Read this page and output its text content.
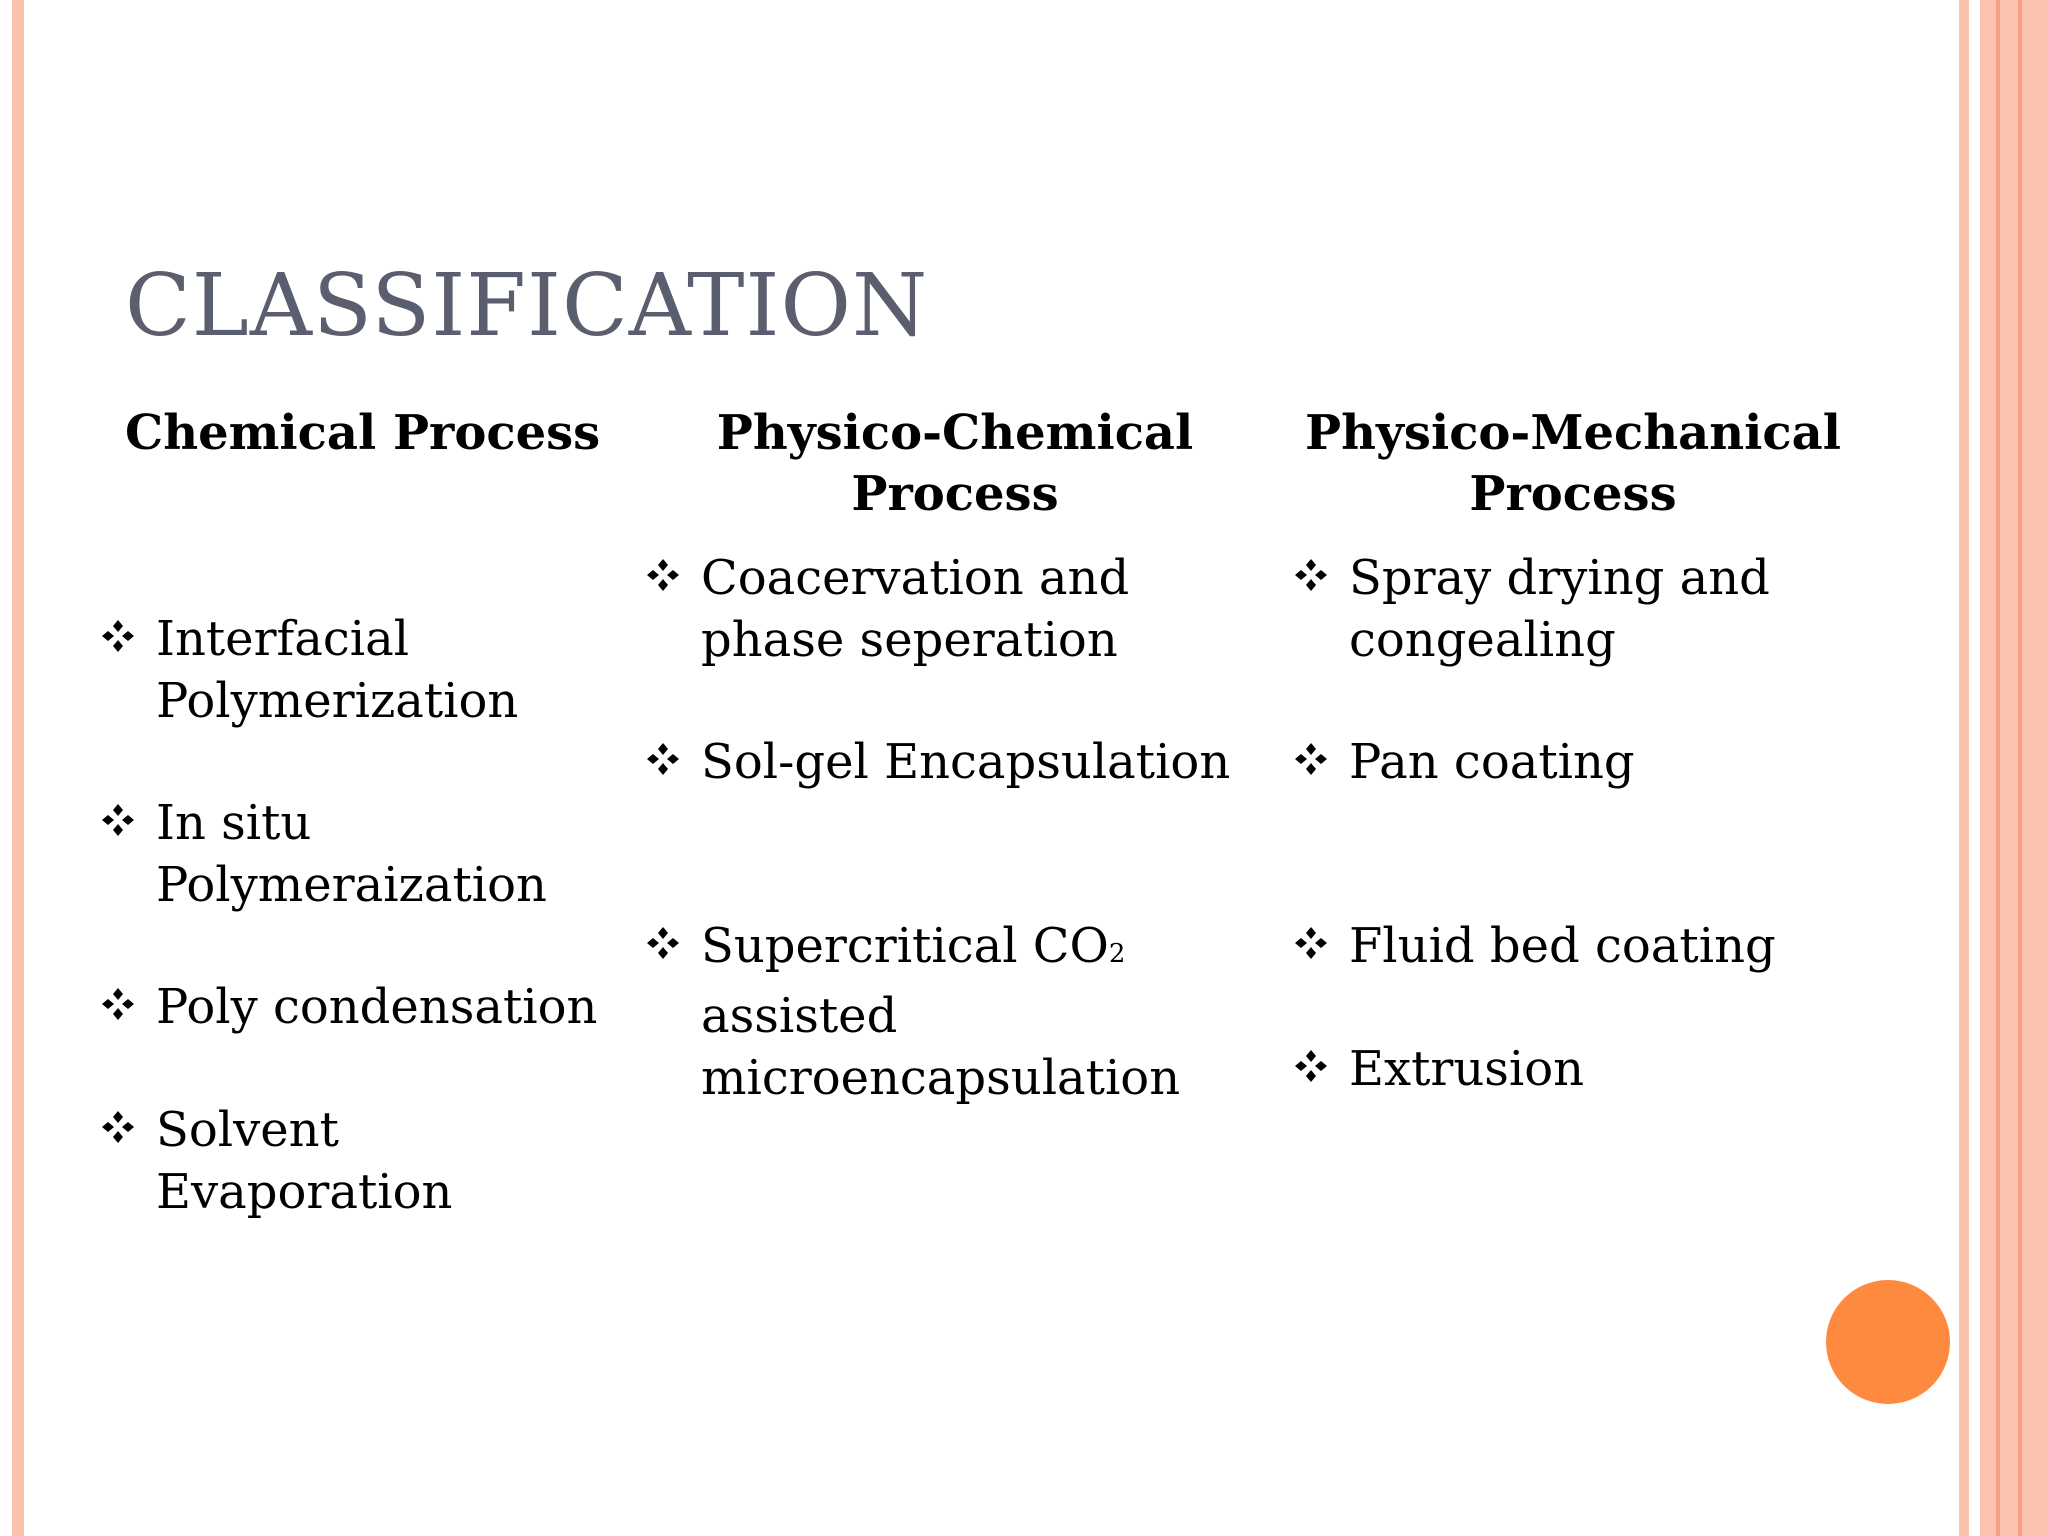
CLASSIFICATION
Chemical Process
Interfacial
Polymerization
In situ
Polymeraization
Poly condensation
Solvent
Evaporation
Physico-Chemical
Process
Coacervation and
phase seperation
Sol-gel Encapsulation
Supercritical CO2
assisted
microencapsulation
Physico-Mechanical
Process
Spray drying and
congealing
Pan coating
Fluid bed coating
Extrusion
